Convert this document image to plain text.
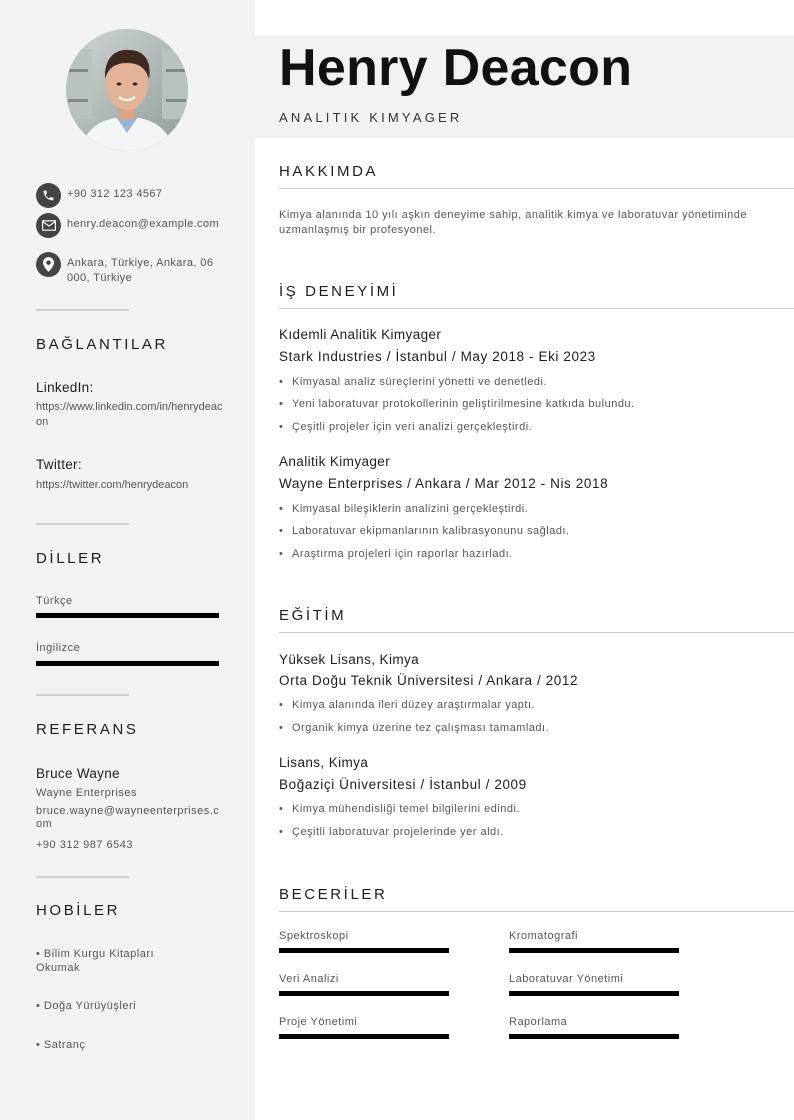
+90 312 123 4567
henry.deacon@example.com
Ankara, Türkiye, Ankara, 06000, Türkiye
BAĞLANTILAR
LinkedIn:
https://www.linkedin.com/in/henrydeacon
Twitter:
https://twitter.com/henrydeacon
DİLLER
Türkçe
İngilizce
REFERANS
Bruce Wayne
Wayne Enterprises
bruce.wayne@wayneenterprises.com
+90 312 987 6543
HOBİLER
• Bilim Kurgu Kitapları Okumak
• Doğa Yürüyüşleri
• Satranç
Henry Deacon
ANALITIK KIMYAGER
HAKKIMDA
Kimya alanında 10 yılı aşkın deneyime sahip, analitik kimya ve laboratuvar yönetiminde uzmanlaşmış bir profesyonel.
İŞ DENEYİMİ
Kıdemli Analitik Kimyager
Stark Industries / İstanbul / May 2018 - Eki 2023
• Kimyasal analiz süreçlerini yönetti ve denetledi.
• Yeni laboratuvar protokollerinin geliştirilmesine katkıda bulundu.
• Çeşitli projeler için veri analizi gerçekleştirdi.
Analitik Kimyager
Wayne Enterprises / Ankara / Mar 2012 - Nis 2018
• Kimyasal bileşiklerin analizini gerçekleştirdi.
• Laboratuvar ekipmanlarının kalibrasyonunu sağladı.
• Araştırma projeleri için raporlar hazırladı.
EĞİTİM
Yüksek Lisans, Kimya
Orta Doğu Teknik Üniversitesi / Ankara / 2012
• Kimya alanında ileri düzey araştırmalar yaptı.
• Organik kimya üzerine tez çalışması tamamladı.
Lisans, Kimya
Boğaziçi Üniversitesi / İstanbul / 2009
• Kimya mühendisliği temel bilgilerini edindi.
• Çeşitli laboratuvar projelerinde yer aldı.
BECERİLER
Spektroskopi	Kromatografi
Veri Analizi	Laboratuvar Yönetimi
Proje Yönetimi	Raporlama
